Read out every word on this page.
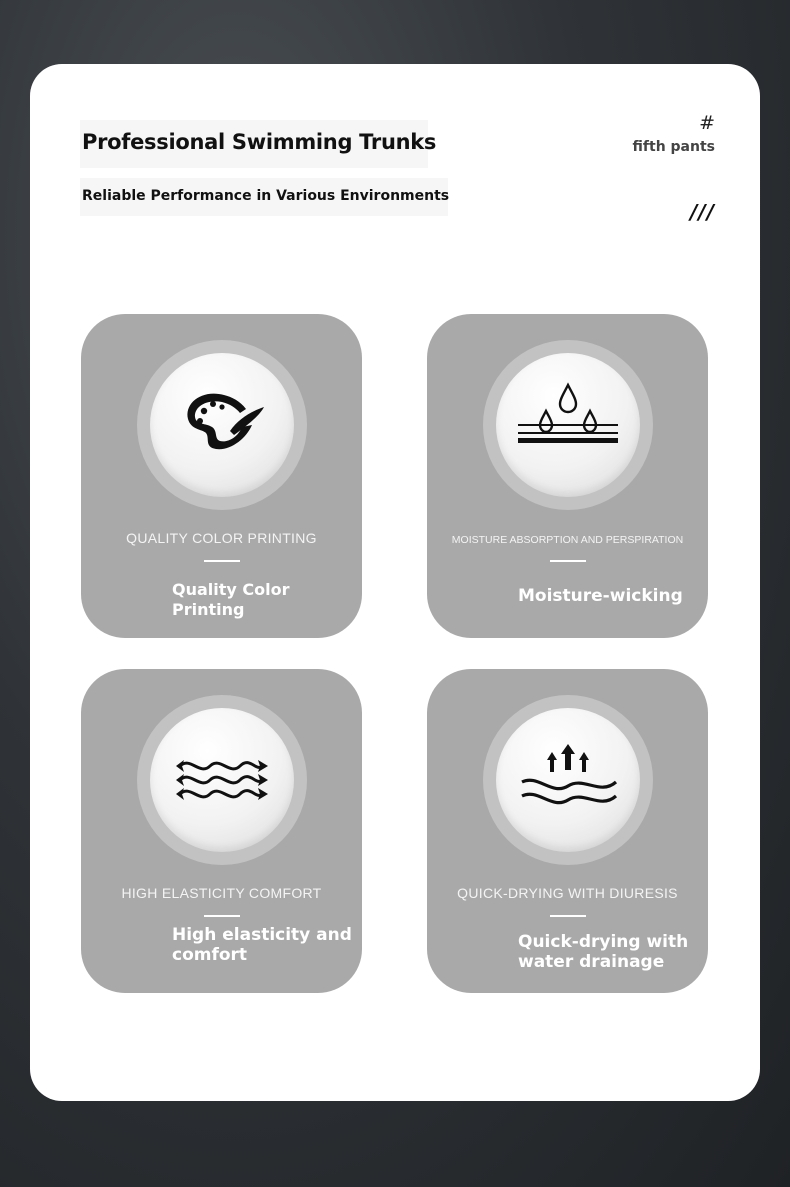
Professional Swimming Trunks
Reliable Performance in Various Environments
#
fifth pants
///
QUALITY COLOR PRINTING
Quality Color Printing
MOISTURE ABSORPTION AND PERSPIRATION
Moisture-wicking
HIGH ELASTICITY COMFORT
High elasticity and comfort
QUICK-DRYING WITH DIURESIS
Quick-drying with water drainage
